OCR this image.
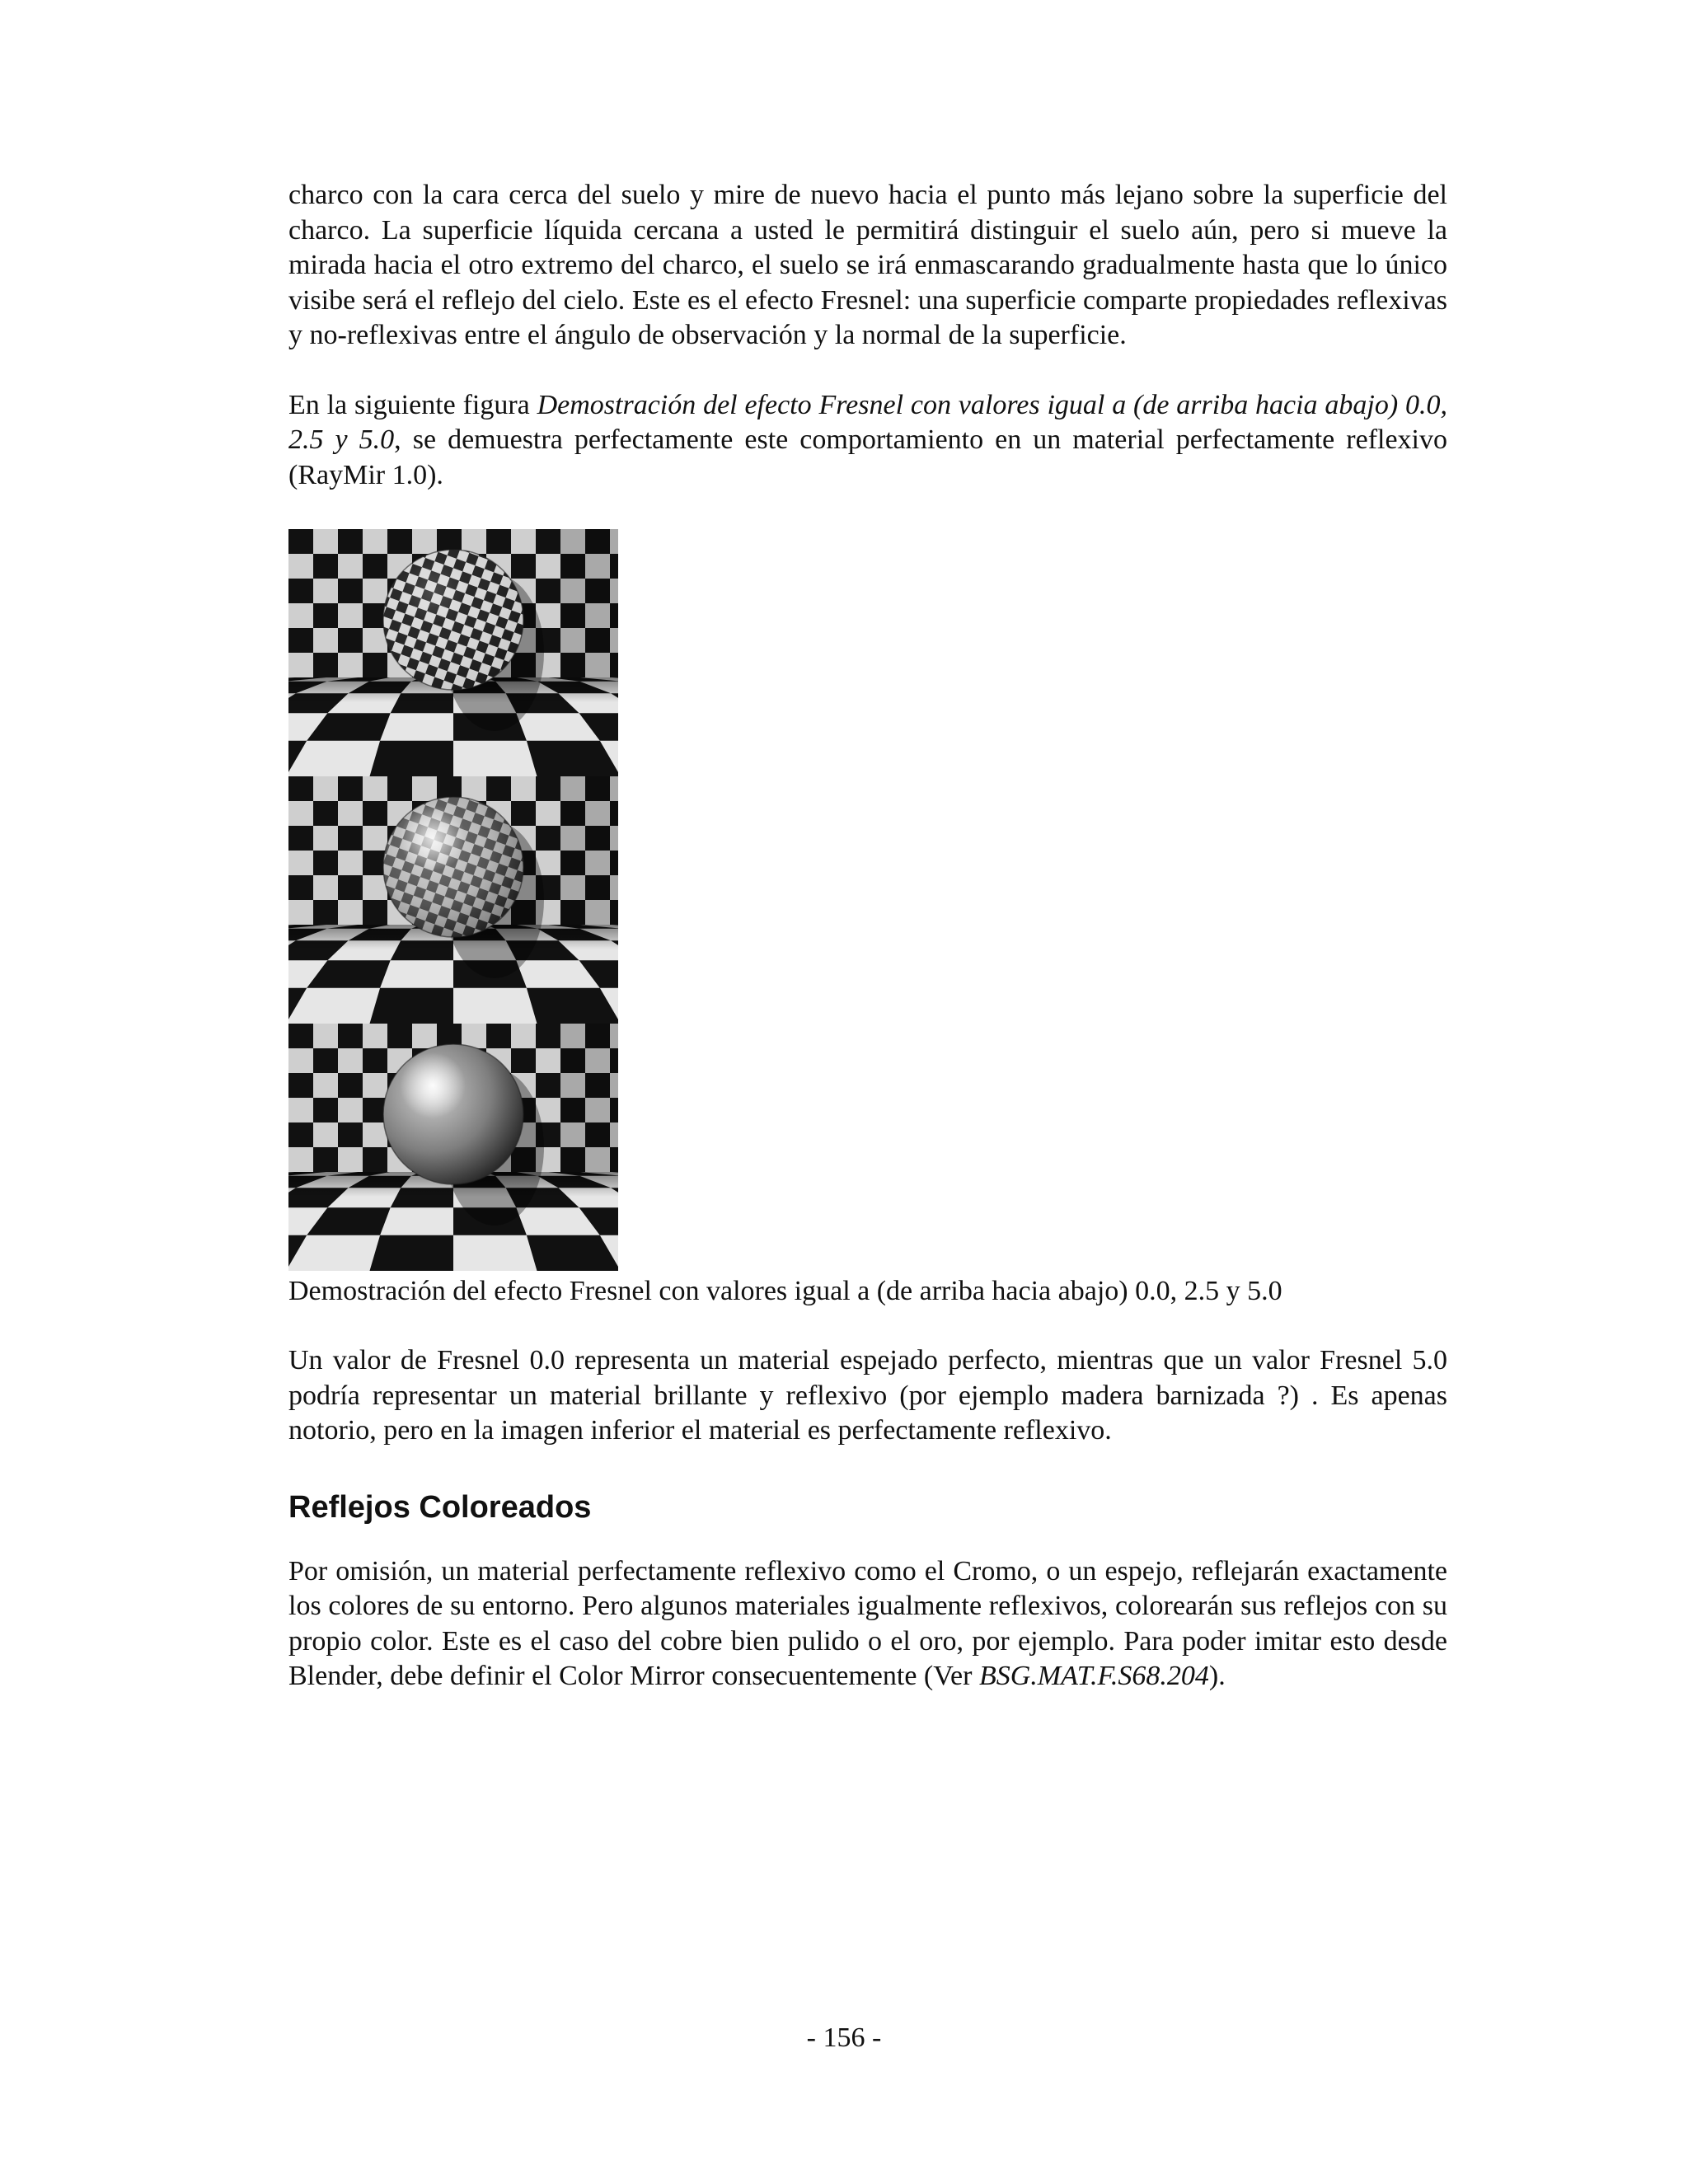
charco con la cara cerca del suelo y mire de nuevo hacia el punto más lejano sobre la superficie del charco. La superficie líquida cercana a usted le permitirá distinguir el suelo aún, pero si mueve la mirada hacia el otro extremo del charco, el suelo se irá enmascarando gradualmente hasta que lo único visibe será el reflejo del cielo. Este es el efecto Fresnel: una superficie comparte propiedades reflexivas y no-reflexivas entre el ángulo de observación y la normal de la superficie.

En la siguiente figura Demostración del efecto Fresnel con valores igual a (de arriba hacia abajo) 0.0, 2.5 y 5.0, se demuestra perfectamente este comportamiento en un material perfectamente reflexivo (RayMir 1.0).

Demostración del efecto Fresnel con valores igual a (de arriba hacia abajo) 0.0, 2.5 y 5.0

Un valor de Fresnel 0.0 representa un material espejado perfecto, mientras que un valor Fresnel 5.0 podría representar un material brillante y reflexivo (por ejemplo madera barnizada ?) . Es apenas notorio, pero en la imagen inferior el material es perfectamente reflexivo.

Reflejos Coloreados

Por omisión, un material perfectamente reflexivo como el Cromo, o un espejo, reflejarán exactamente los colores de su entorno. Pero algunos materiales igualmente reflexivos, colorearán sus reflejos con su propio color. Este es el caso del cobre bien pulido o el oro, por ejemplo. Para poder imitar esto desde Blender, debe definir el Color Mirror consecuentemente (Ver BSG.MAT.F.S68.204).

- 156 -
